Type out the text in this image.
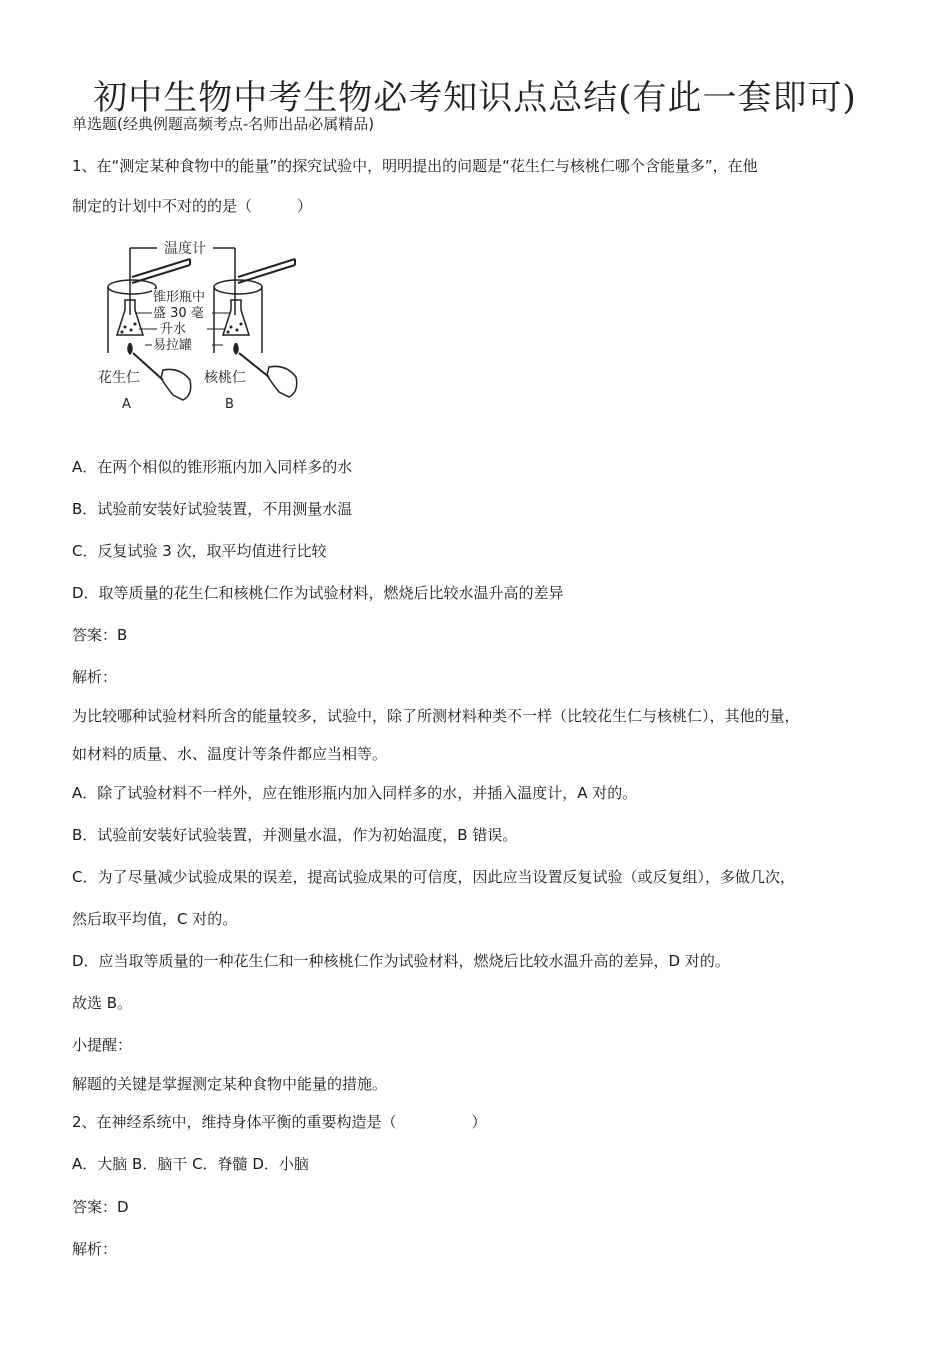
初中生物中考生物必考知识点总结(有此一套即可)
单选题(经典例题高频考点-名师出品必属精品)
1、在“测定某种食物中的能量”的探究试验中，明明提出的问题是“花生仁与核桃仁哪个含能量多”，在他
制定的计划中不对的的是（　　　）
温度计
锥形瓶中
盛 30 毫
升水
易拉罐
花生仁	核桃仁
A	B
A．在两个相似的锥形瓶内加入同样多的水
B．试验前安装好试验装置，不用测量水温
C．反复试验 3 次，取平均值进行比较
D．取等质量的花生仁和核桃仁作为试验材料，燃烧后比较水温升高的差异
答案：B
解析：
为比较哪种试验材料所含的能量较多，试验中，除了所测材料种类不一样（比较花生仁与核桃仁），其他的量，
如材料的质量、水、温度计等条件都应当相等。
A．除了试验材料不一样外，应在锥形瓶内加入同样多的水，并插入温度计，A 对的。
B．试验前安装好试验装置，并测量水温，作为初始温度，B 错误。
C．为了尽量减少试验成果的误差，提高试验成果的可信度，因此应当设置反复试验（或反复组），多做几次，
然后取平均值，C 对的。
D．应当取等质量的一种花生仁和一种核桃仁作为试验材料，燃烧后比较水温升高的差异，D 对的。
故选 B。
小提醒：
解题的关键是掌握测定某种食物中能量的措施。
2、在神经系统中，维持身体平衡的重要构造是（　　　　　）
A．大脑 B．脑干 C．脊髓 D．小脑
答案：D
解析：
